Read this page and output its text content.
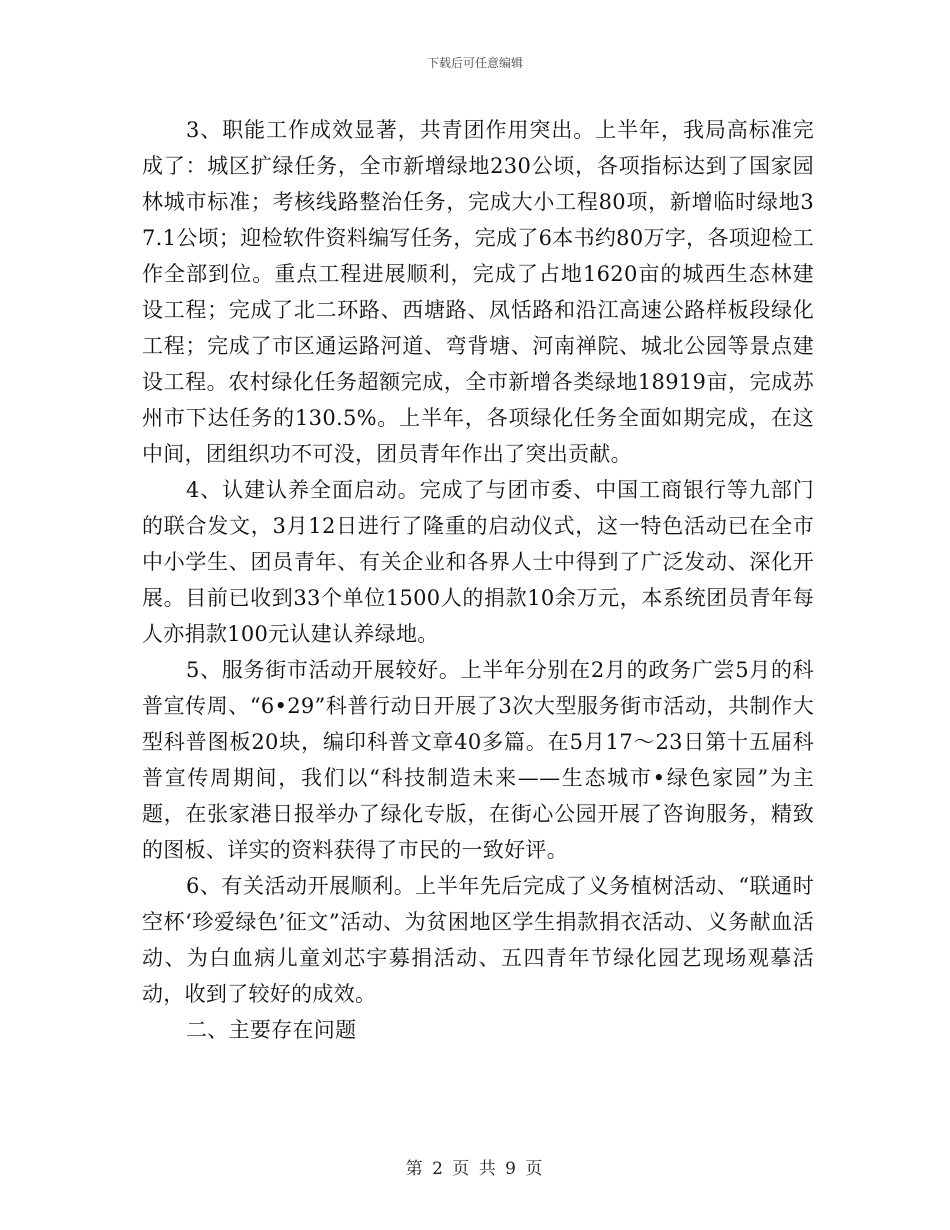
下载后可任意编辑

3、职能工作成效显著，共青团作用突出。上半年，我局高标准完成了：城区扩绿任务，全市新增绿地230公顷，各项指标达到了国家园林城市标准；考核线路整治任务，完成大小工程80项，新增临时绿地37.1公顷；迎检软件资料编写任务，完成了6本书约80万字，各项迎检工作全部到位。重点工程进展顺利，完成了占地1620亩的城西生态林建设工程；完成了北二环路、西塘路、凤恬路和沿江高速公路样板段绿化工程；完成了市区通运路河道、弯背塘、河南禅院、城北公园等景点建设工程。农村绿化任务超额完成，全市新增各类绿地18919亩，完成苏州市下达任务的130.5%。上半年，各项绿化任务全面如期完成，在这中间，团组织功不可没，团员青年作出了突出贡献。

4、认建认养全面启动。完成了与团市委、中国工商银行等九部门的联合发文，3月12日进行了隆重的启动仪式，这一特色活动已在全市中小学生、团员青年、有关企业和各界人士中得到了广泛发动、深化开展。目前已收到33个单位1500人的捐款10余万元，本系统团员青年每人亦捐款100元认建认养绿地。

5、服务街市活动开展较好。上半年分别在2月的政务广尝5月的科普宣传周、“6•29”科普行动日开展了3次大型服务街市活动，共制作大型科普图板20块，编印科普文章40多篇。在5月17～23日第十五届科普宣传周期间，我们以“科技制造未来——生态城市•绿色家园”为主题，在张家港日报举办了绿化专版，在街心公园开展了咨询服务，精致的图板、详实的资料获得了市民的一致好评。

6、有关活动开展顺利。上半年先后完成了义务植树活动、“联通时空杯‘珍爱绿色’征文”活动、为贫困地区学生捐款捐衣活动、义务献血活动、为白血病儿童刘芯宇募捐活动、五四青年节绿化园艺现场观摹活动，收到了较好的成效。

二、主要存在问题

第 2 页 共 9 页
